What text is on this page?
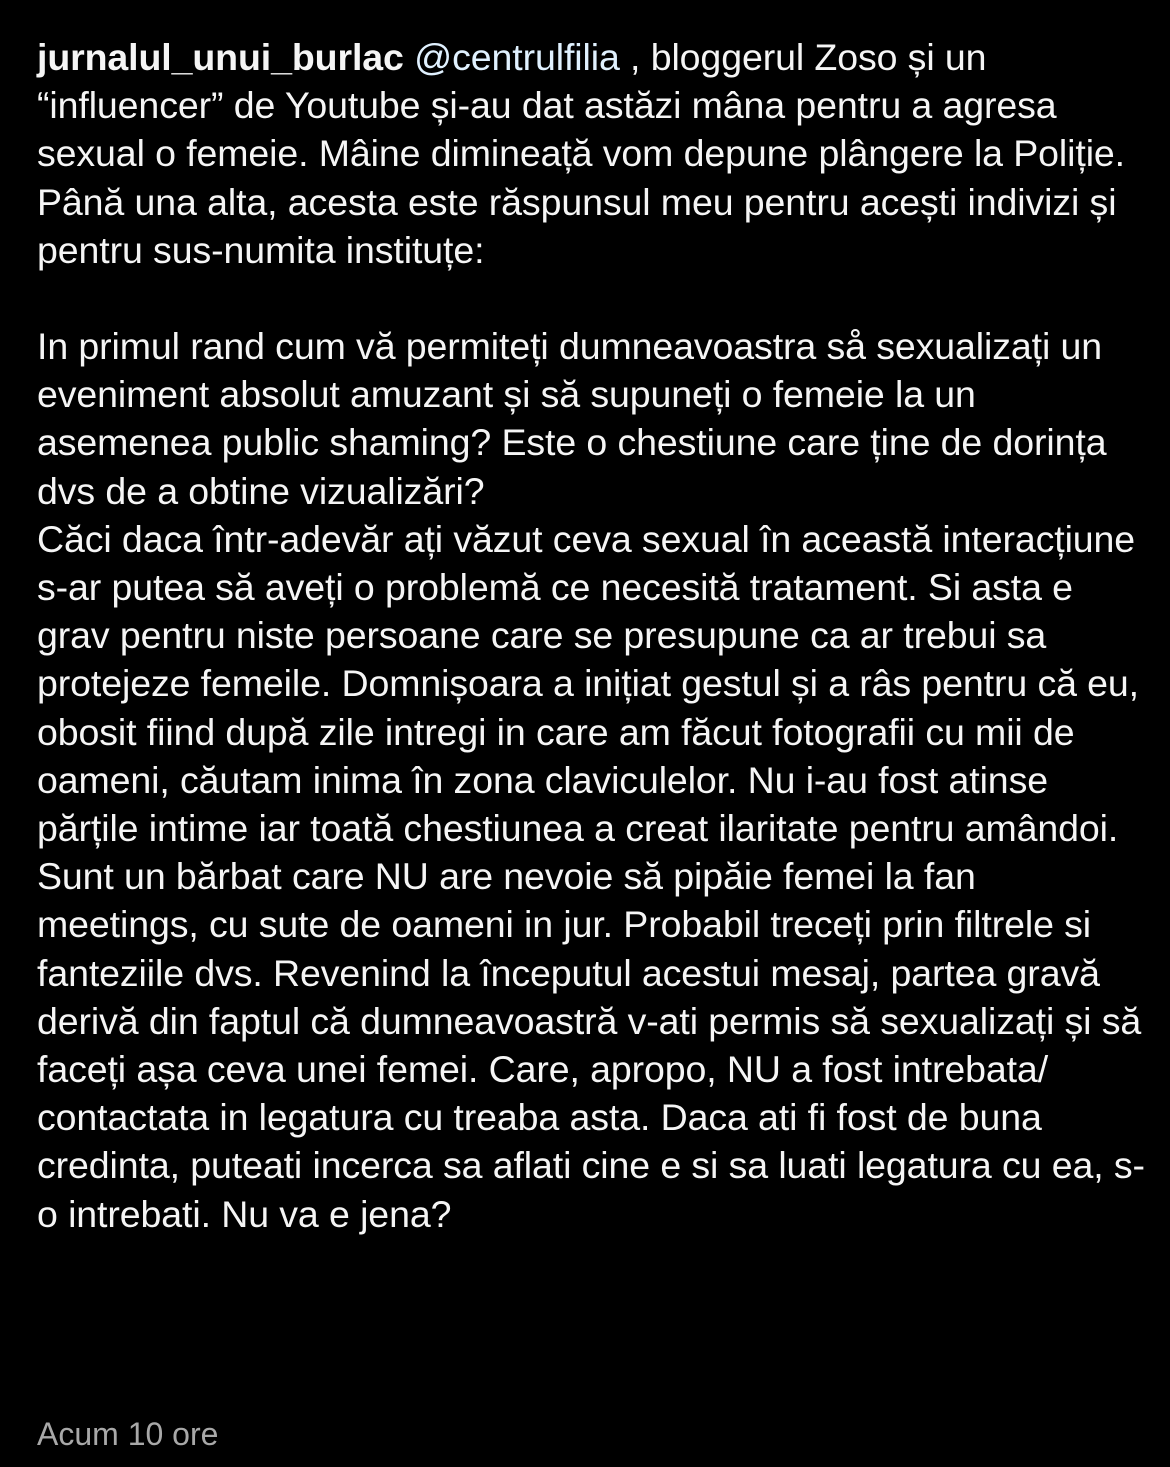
jurnalul_unui_burlac @centrulfilia , bloggerul Zoso și un “influencer” de Youtube și-au dat astăzi mâna pentru a agresa sexual o femeie. Mâine dimineață vom depune plângere la Poliție. Până una alta, acesta este răspunsul meu pentru acești indivizi și pentru sus-numita instituțe:

In primul rand cum vă permiteți dumneavoastra så sexualizați un eveniment absolut amuzant și să supuneți o femeie la un asemenea public shaming? Este o chestiune care ține de dorința dvs de a obtine vizualizări?

Căci daca într-adevăr ați văzut ceva sexual în această interacțiune s-ar putea să aveți o problemă ce necesită tratament. Si asta e grav pentru niste persoane care se presupune ca ar trebui sa protejeze femeile. Domnișoara a inițiat gestul și a râs pentru că eu, obosit fiind după zile intregi in care am făcut fotografii cu mii de oameni, căutam inima în zona claviculelor. Nu i-au fost atinse părțile intime iar toată chestiunea a creat ilaritate pentru amândoi. Sunt un bărbat care NU are nevoie să pipăie femei la fan meetings, cu sute de oameni in jur. Probabil treceți prin filtrele si fanteziile dvs. Revenind la începutul acestui mesaj, partea gravă derivă din faptul că dumneavoastră v-ati permis să sexualizați și să faceți așa ceva unei femei. Care, apropo, NU a fost intrebata/ contactata in legatura cu treaba asta. Daca ati fi fost de buna credinta, puteati incerca sa aflati cine e si sa luati legatura cu ea, s-o intrebati. Nu va e jena?

Acum 10 ore
